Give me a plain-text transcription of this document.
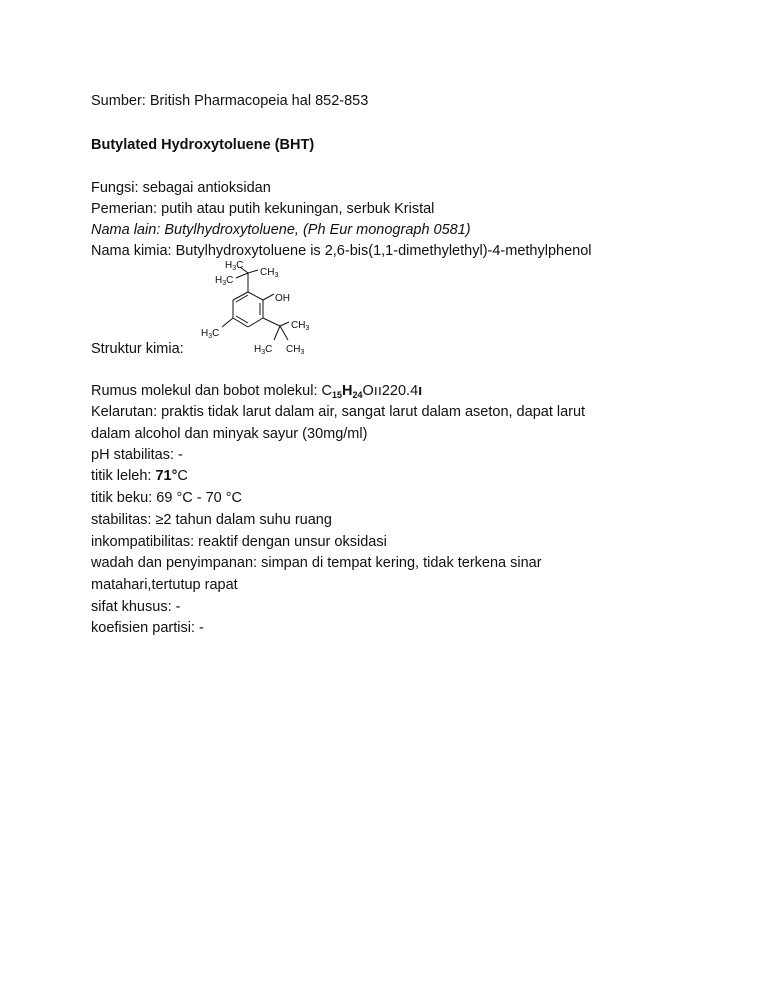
Sumber: British Pharmacopeia hal 852-853
Butylated Hydroxytoluene (BHT)
Fungsi: sebagai antioksidan
Pemerian: putih atau putih kekuningan, serbuk Kristal
Nama lain: Butylhydroxytoluene, (Ph Eur monograph 0581)
Nama kimia: Butylhydroxytoluene is 2,6-bis(1,1-dimethylethyl)-4-methylphenol
$H_3C$
$CH_3$
$H_3C$
OH
$CH_3$
$H_3C$
$H_3C$ $CH_3$
Struktur kimia:
Rumus molekul dan bobot molekul: $C_{15}H_{24}Oıı220.4ı$
Kelarutan: praktis tidak larut dalam air, sangat larut dalam aseton, dapat larut
dalam alcohol dan minyak sayur (30mg/ml)
pH stabilitas: -
titik leleh: 71°C
titik beku: 69 °C - 70 °C
stabilitas: ≥2 tahun dalam suhu ruang
inkompatibilitas: reaktif dengan unsur oksidasi
wadah dan penyimpanan: simpan di tempat kering, tidak terkena sinar
matahari,tertutup rapat
sifat khusus: -
koefisien partisi: -
